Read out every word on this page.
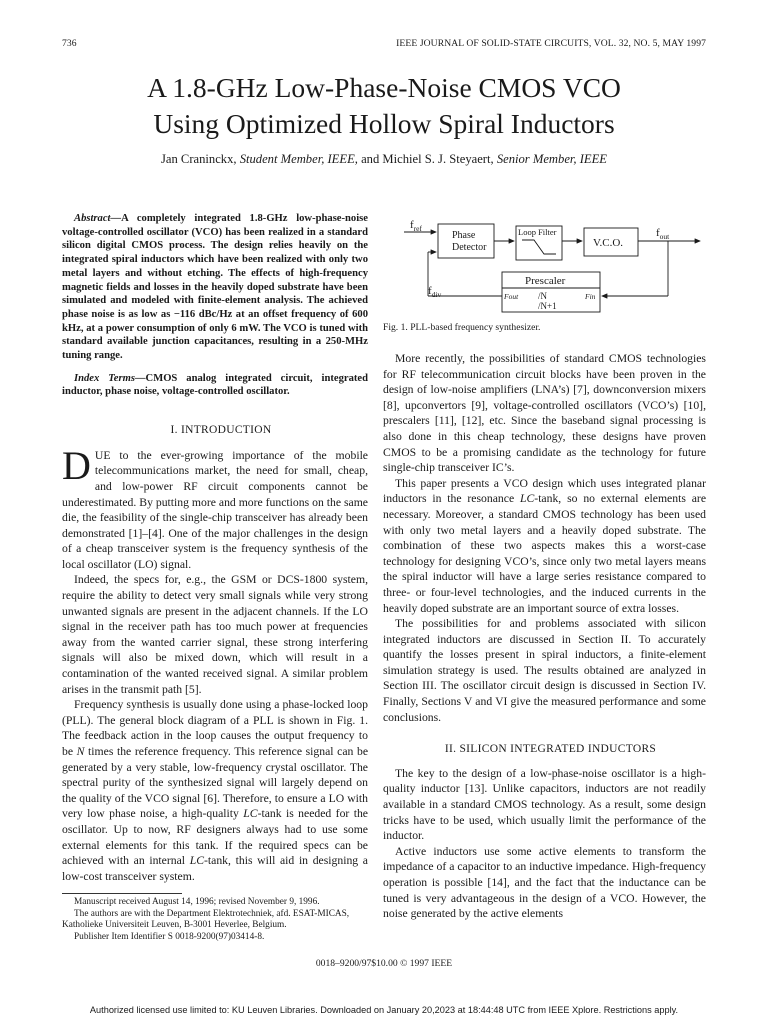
736	IEEE JOURNAL OF SOLID-STATE CIRCUITS, VOL. 32, NO. 5, MAY 1997
A 1.8-GHz Low-Phase-Noise CMOS VCO
Using Optimized Hollow Spiral Inductors
Jan Craninckx, Student Member, IEEE, and Michiel S. J. Steyaert, Senior Member, IEEE

Abstract—A completely integrated 1.8-GHz low-phase-noise voltage-controlled oscillator (VCO) has been realized in a standard silicon digital CMOS process. The design relies heavily on the integrated spiral inductors which have been realized with only two metal layers and without etching. The effects of high-frequency magnetic fields and losses in the heavily doped substrate have been simulated and modeled with finite-element analysis. The achieved phase noise is as low as −116 dBc/Hz at an offset frequency of 600 kHz, at a power consumption of only 6 mW. The VCO is tuned with standard available junction capacitances, resulting in a 250-MHz tuning range.

Index Terms—CMOS analog integrated circuit, integrated inductor, phase noise, voltage-controlled oscillator.

I. INTRODUCTION

DUE to the ever-growing importance of the mobile telecommunications market, the need for small, cheap, and low-power RF circuit components cannot be underestimated. By putting more and more functions on the same die, the feasibility of the single-chip transceiver has already been demonstrated [1]–[4]. One of the major challenges in the design of a cheap transceiver system is the frequency synthesis of the local oscillator (LO) signal.

Indeed, the specs for, e.g., the GSM or DCS-1800 system, require the ability to detect very small signals while very strong unwanted signals are present in the adjacent channels. If the LO signal in the receiver path has too much power at frequencies away from the wanted carrier signal, these strong interfering signals will also be mixed down, which will result in a contamination of the wanted received signal. A similar problem arises in the transmit path [5].

Frequency synthesis is usually done using a phase-locked loop (PLL). The general block diagram of a PLL is shown in Fig. 1. The feedback action in the loop causes the output frequency to be N times the reference frequency. This reference signal can be generated by a very stable, low-frequency crystal oscillator. The spectral purity of the synthesized signal will largely depend on the quality of the VCO signal [6]. Therefore, to ensure a LO with very low phase noise, a high-quality LC-tank is needed for the oscillator. Up to now, RF designers always had to use some external elements for this tank. If the required specs can be achieved with an internal LC-tank, this will aid in designing a low-cost transceiver system.

Manuscript received August 14, 1996; revised November 9, 1996.

The authors are with the Department Elektrotechniek, afd. ESAT-MICAS, Katholieke Universiteit Leuven, B-3001 Heverlee, Belgium.

Publisher Item Identifier S 0018-9200(97)03414-8.

$f_{ref}$	$f_{out}$
$f_{div}$
Phase
Detector
Loop Filter
V.C.O.
Prescaler
Fout	Fin
/N
/N+1
Fig. 1. PLL-based frequency synthesizer.

More recently, the possibilities of standard CMOS technologies for RF telecommunication circuit blocks have been proven in the design of low-noise amplifiers (LNA’s) [7], downconversion mixers [8], upconvertors [9], voltage-controlled oscillators (VCO’s) [10], prescalers [11], [12], etc. Since the baseband signal processing is also done in this cheap technology, these designs have proven CMOS to be a promising candidate as the technology for future single-chip transceiver IC’s.

This paper presents a VCO design which uses integrated planar inductors in the resonance LC-tank, so no external elements are necessary. Moreover, a standard CMOS technology has been used with only two metal layers and a heavily doped substrate. The combination of these two aspects makes this a worst-case technology for designing VCO’s, since only two metal layers means the spiral inductor will have a large series resistance compared to three- or four-level technologies, and the induced currents in the heavily doped substrate are an important source of extra losses.

The possibilities for and problems associated with silicon integrated inductors are discussed in Section II. To accurately quantify the losses present in spiral inductors, a finite-element simulation strategy is used. The results obtained are analyzed in Section III. The oscillator circuit design is discussed in Section IV. Finally, Sections V and VI give the measured performance and some conclusions.

II. SILICON INTEGRATED INDUCTORS

The key to the design of a low-phase-noise oscillator is a high-quality inductor [13]. Unlike capacitors, inductors are not readily available in a standard CMOS technology. As a result, some design tricks have to be used, which usually limit the performance of the inductor.

Active inductors use some active elements to transform the impedance of a capacitor to an inductive impedance. High-frequency operation is possible [14], and the fact that the inductance can be tuned is very advantageous in the design of a VCO. However, the noise generated by the active elements

0018–9200/97$10.00 © 1997 IEEE
Authorized licensed use limited to: KU Leuven Libraries. Downloaded on January 20,2023 at 18:44:48 UTC from IEEE Xplore. Restrictions apply.
